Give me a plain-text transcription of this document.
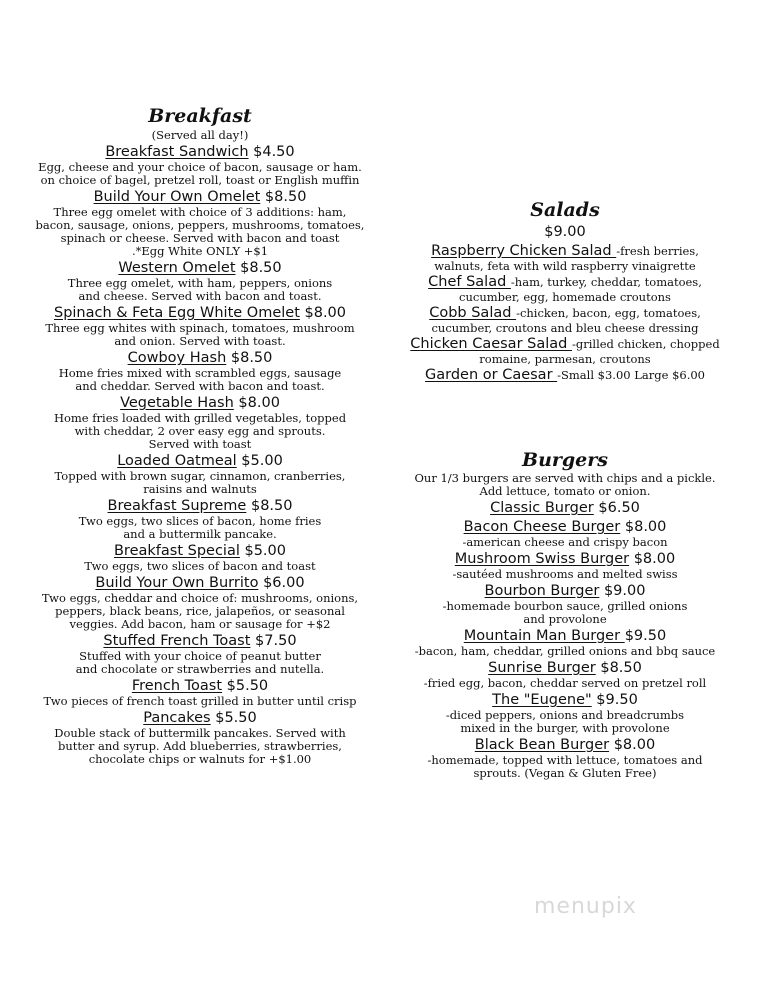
Breakfast
(Served all day!)
Breakfast Sandwich $4.50
Egg, cheese and your choice of bacon, sausage or ham.
on choice of bagel, pretzel roll, toast or English muffin
Build Your Own Omelet $8.50
Three egg omelet with choice of 3 additions: ham,
bacon, sausage, onions, peppers, mushrooms, tomatoes,
spinach or cheese. Served with bacon and toast
.*Egg White ONLY +$1
Western Omelet $8.50
Three egg omelet, with ham, peppers, onions
and cheese. Served with bacon and toast.
Spinach & Feta Egg White Omelet $8.00
Three egg whites with spinach, tomatoes, mushroom
and onion. Served with toast.
Cowboy Hash $8.50
Home fries mixed with scrambled eggs, sausage
and cheddar. Served with bacon and toast.
Vegetable Hash $8.00
Home fries loaded with grilled vegetables, topped
with cheddar, 2 over easy egg and sprouts.
Served with toast
Loaded Oatmeal $5.00
Topped with brown sugar, cinnamon, cranberries,
raisins and walnuts
Breakfast Supreme $8.50
Two eggs, two slices of bacon, home fries
and a buttermilk pancake.
Breakfast Special $5.00
Two eggs, two slices of bacon and toast
Build Your Own Burrito $6.00
Two eggs, cheddar and choice of: mushrooms, onions,
peppers, black beans, rice, jalapeños, or seasonal
veggies. Add bacon, ham or sausage for +$2
Stuffed French Toast $7.50
Stuffed with your choice of peanut butter
and chocolate or strawberries and nutella.
French Toast $5.50
Two pieces of french toast grilled in butter until crisp
Pancakes $5.50
Double stack of buttermilk pancakes. Served with
butter and syrup. Add blueberries, strawberries,
chocolate chips or walnuts for +$1.00
Salads
$9.00
Raspberry Chicken Salad -fresh berries,
walnuts, feta with wild raspberry vinaigrette
Chef Salad -ham, turkey, cheddar, tomatoes,
cucumber, egg, homemade croutons
Cobb Salad -chicken, bacon, egg, tomatoes,
cucumber, croutons and bleu cheese dressing
Chicken Caesar Salad -grilled chicken, chopped
romaine, parmesan, croutons
Garden or Caesar -Small $3.00 Large $6.00
Burgers
Our 1/3 burgers are served with chips and a pickle.
Add lettuce, tomato or onion.
Classic Burger $6.50
Bacon Cheese Burger $8.00
-american cheese and crispy bacon
Mushroom Swiss Burger $8.00
-sautéed mushrooms and melted swiss
Bourbon Burger $9.00
-homemade bourbon sauce, grilled onions
and provolone
Mountain Man Burger $9.50
-bacon, ham, cheddar, grilled onions and bbq sauce
Sunrise Burger $8.50
-fried egg, bacon, cheddar served on pretzel roll
The "Eugene" $9.50
-diced peppers, onions and breadcrumbs
mixed in the burger, with provolone
Black Bean Burger $8.00
-homemade, topped with lettuce, tomatoes and
sprouts. (Vegan & Gluten Free)
menupix
